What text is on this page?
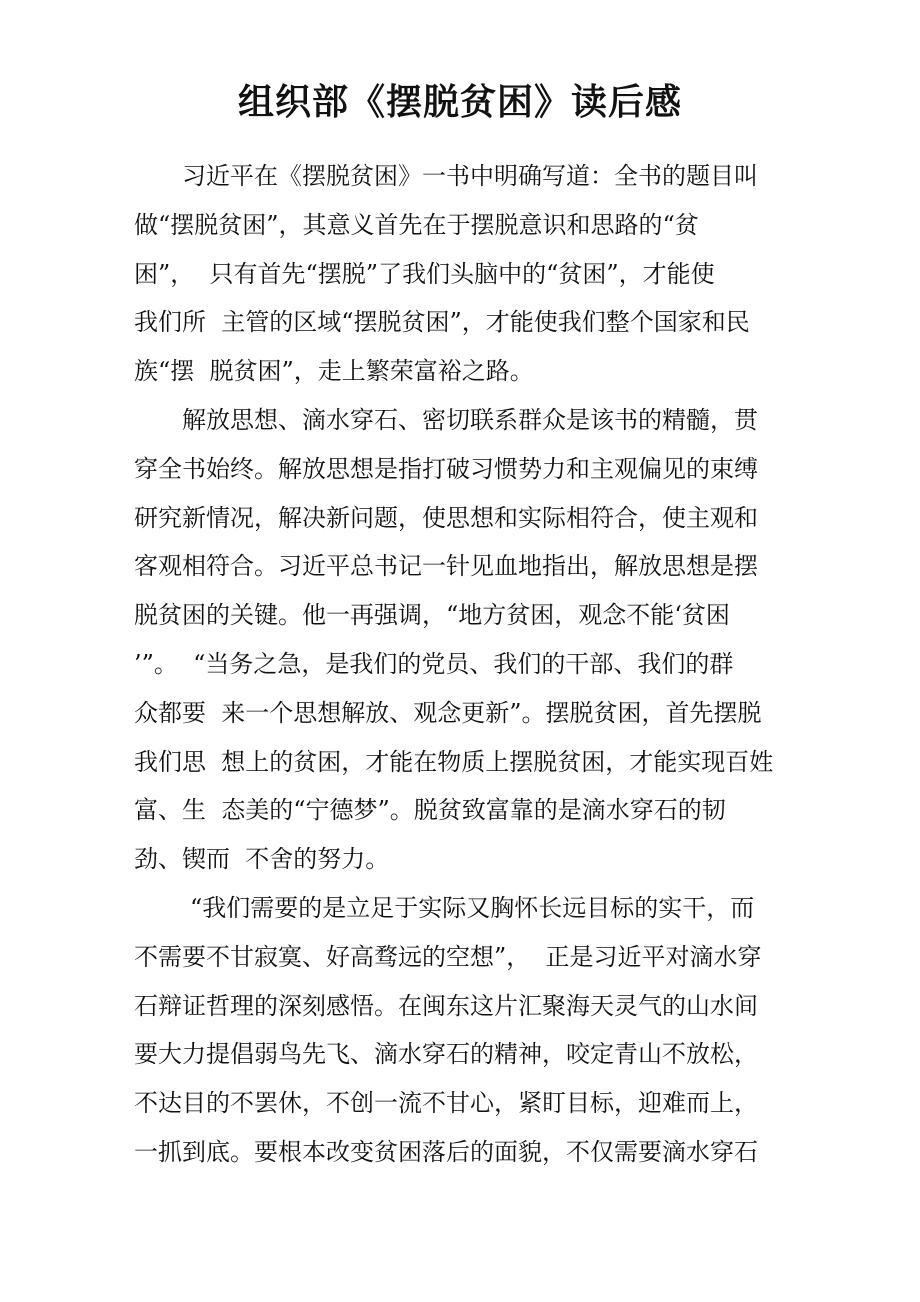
组织部《摆脱贫困》读后感
习近平在《摆脱贫困》一书中明确写道：全书的题目叫
做“摆脱贫困”，其意义首先在于摆脱意识和思路的“贫
困”，  只有首先“摆脱”了我们头脑中的“贫困”，才能使
我们所  主管的区域“摆脱贫困”，才能使我们整个国家和民
族“摆  脱贫困”，走上繁荣富裕之路。
解放思想、滴水穿石、密切联系群众是该书的精髓，贯
穿全书始终。解放思想是指打破习惯势力和主观偏见的束缚
研究新情况，解决新问题，使思想和实际相符合，使主观和
客观相符合。习近平总书记一针见血地指出，解放思想是摆
脱贫困的关键。他一再强调，“地方贫困，观念不能‘贫困
’”。  “当务之急，是我们的党员、我们的干部、我们的群
众都要  来一个思想解放、观念更新”。摆脱贫困，首先摆脱
我们思  想上的贫困，才能在物质上摆脱贫困，才能实现百姓
富、生  态美的“宁德梦”。脱贫致富靠的是滴水穿石的韧
劲、锲而  不舍的努力。
“我们需要的是立足于实际又胸怀长远目标的实干，而
不需要不甘寂寞、好高骛远的空想”，  正是习近平对滴水穿
石辩证哲理的深刻感悟。在闽东这片汇聚海天灵气的山水间
要大力提倡弱鸟先飞、滴水穿石的精神，咬定青山不放松，
不达目的不罢休，不创一流不甘心，紧盯目标，迎难而上，
一抓到底。要根本改变贫困落后的面貌，不仅需要滴水穿石
